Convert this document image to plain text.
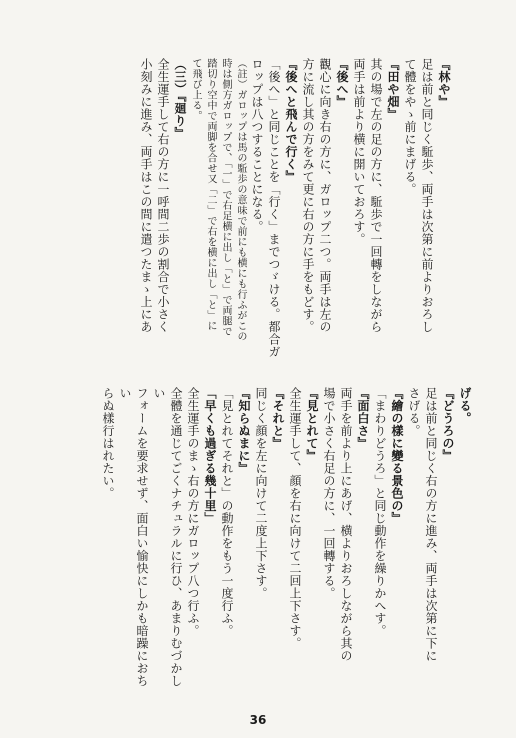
『林や』
足は前と同じく駈歩、両手は次第に前よりおろし
て體をやゝ前にまげる。
『田や畑』
其の場で左の足の方に、駈歩で一回轉をしながら
両手は前より横に開いておろす。
『後へ』
觀心に向き右の方に、ガロップ二つ。両手は左の
方に流し其の方をみて更に右の方に手をもどす。
『後へと飛んで行く』
「後へ」と同じことを「行く」までつゞける。都合ガ
ロップは八つすることになる。
（註）ガロップは馬の駈歩の意味で前にも横にも行ふがこの
時は側方ガロップで、「一」で右足横に出し「と」で両腿で
踏切り空中で両脚を合せ又「二」で右を横に出し「と」に
て飛び上る。
（三）『廻り』
全生運手して右の方に一呼間二歩の割合で小さく
小刻みに進み、両手はこの間に遣つたまゝ上にあ
げる。
『どうろの』
足は前と同じく右の方に進み、両手は次第に下に
さげる。
『繪の樣に變る景色の』
「まわりどうろ」と同じ動作を繰りかへす。
『面白さ』
両手を前より上にあげ、横よりおろしながら其の
場で小さく右足の方に、一回轉する。
『見とれて』
全生運手して、顔を右に向けて二回上下さす。
『それと』
同じく顔を左に向けて二度上下さす。
『知らぬまに』
「見とれてそれと」の動作をもう一度行ふ。
「早くも過ぎる幾十里」
全生運手のまゝ右の方にガロップ八つ行ふ。
全體を通じてごくナチュラルに行ひ、あまりむづかしい
フォームを要求せず、面白い愉快にしかも暗躁におちい
らぬ樣行はれたい。
36
